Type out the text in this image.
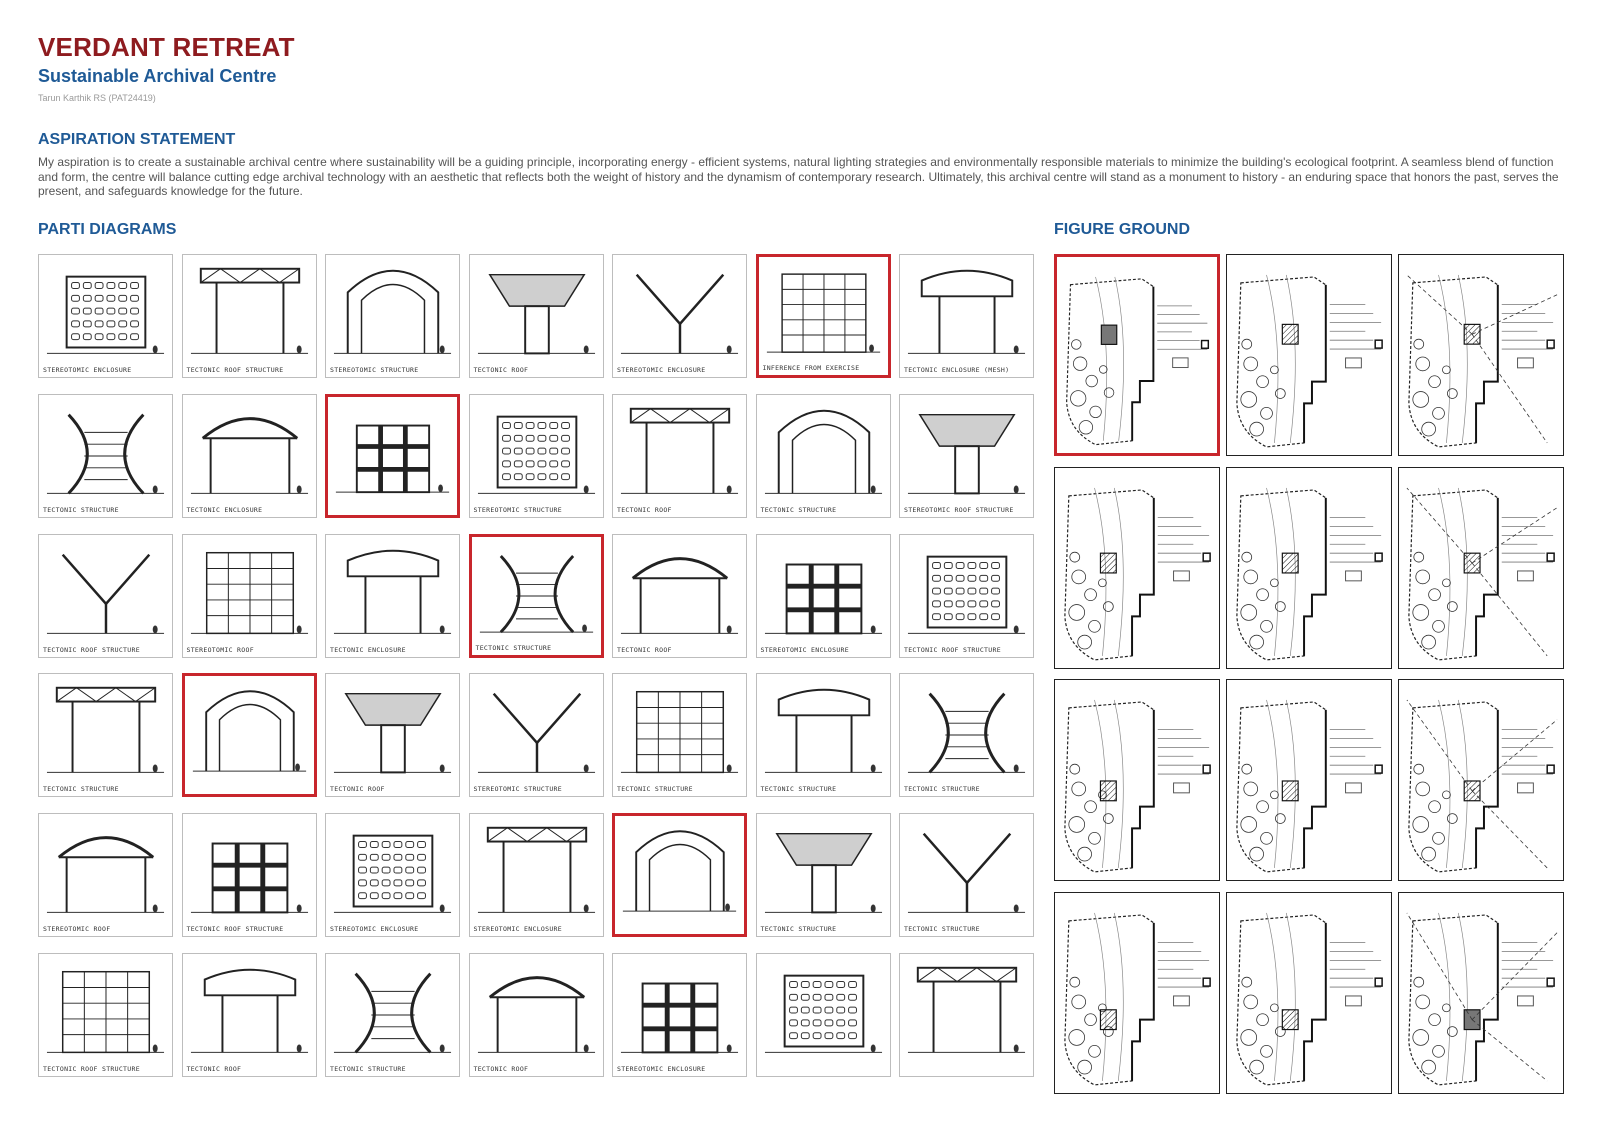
VERDANT RETREAT
Sustainable Archival Centre
Tarun Karthik RS (PAT24419)
ASPIRATION STATEMENT

My aspiration is to create a sustainable archival centre where sustainability will be a guiding principle, incorporating energy - efficient systems, natural lighting strategies and environmentally responsible materials to minimize the building's ecological footprint. A seamless blend of function and form, the centre will balance cutting edge archival technology with an aesthetic that reflects both the weight of history and the dynamism of contemporary research. Ultimately, this archival centre will stand as a monument to history - an enduring space that honors the past, serves the present, and safeguards knowledge for the future.

PARTI DIAGRAMS	FIGURE GROUND
STEREOTOMIC ENCLOSURE	TECTONIC ROOF STRUCTURE	STEREOTOMIC STRUCTURE	TECTONIC ROOF	STEREOTOMIC ENCLOSURE	INFERENCE FROM EXERCISE	TECTONIC ENCLOSURE (MESH)
TECTONIC STRUCTURE	TECTONIC ENCLOSURE	STEREOTOMIC STRUCTURE	TECTONIC ROOF	TECTONIC STRUCTURE	STEREOTOMIC ROOF STRUCTURE
TECTONIC ROOF STRUCTURE	STEREOTOMIC ROOF	TECTONIC ENCLOSURE	TECTONIC STRUCTURE	TECTONIC ROOF	STEREOTOMIC ENCLOSURE	TECTONIC ROOF STRUCTURE
TECTONIC STRUCTURE	TECTONIC ROOF	STEREOTOMIC STRUCTURE	TECTONIC STRUCTURE	TECTONIC STRUCTURE	TECTONIC STRUCTURE
STEREOTOMIC ROOF	TECTONIC ROOF STRUCTURE	STEREOTOMIC ENCLOSURE	STEREOTOMIC ENCLOSURE	TECTONIC STRUCTURE	TECTONIC STRUCTURE
TECTONIC ROOF STRUCTURE	TECTONIC ROOF	TECTONIC STRUCTURE	TECTONIC ROOF	STEREOTOMIC ENCLOSURE
